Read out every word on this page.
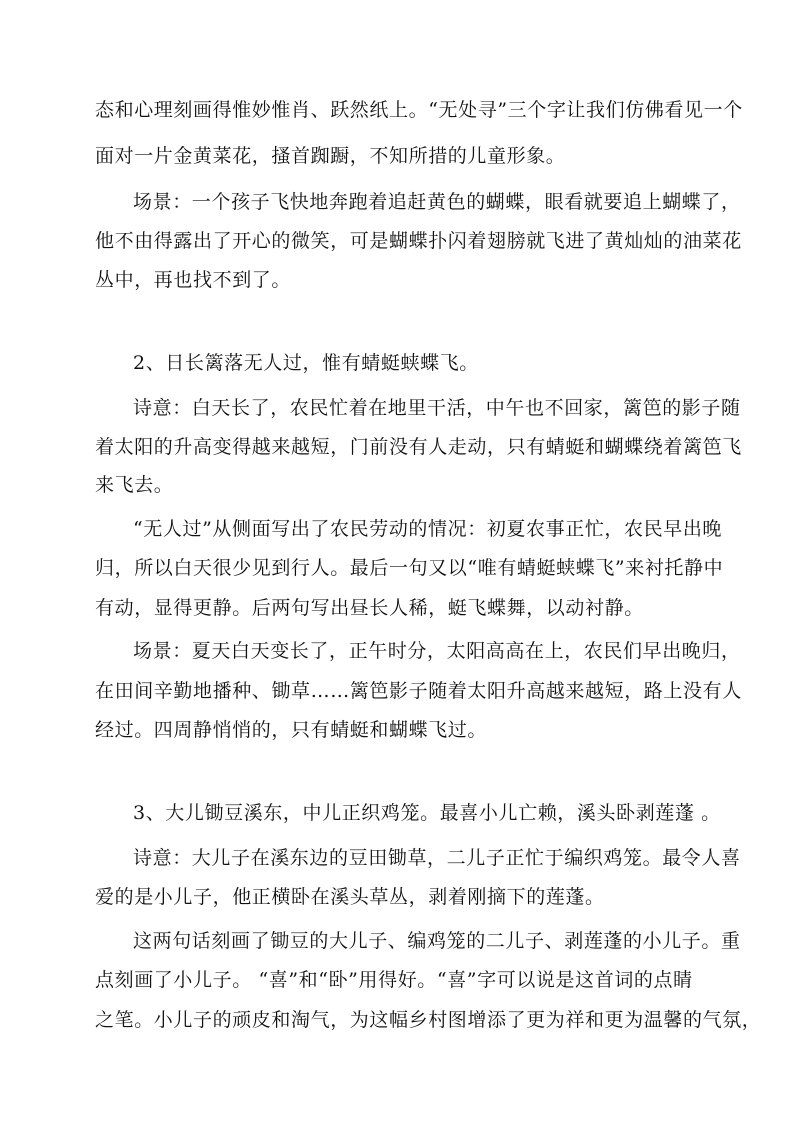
态和心理刻画得惟妙惟肖、跃然纸上。“无处寻”三个字让我们仿佛看见一个
面对一片金黄菜花，搔首踟蹰，不知所措的儿童形象。
场景：一个孩子飞快地奔跑着追赶黄色的蝴蝶，眼看就要追上蝴蝶了，
他不由得露出了开心的微笑，可是蝴蝶扑闪着翅膀就飞进了黄灿灿的油菜花
丛中，再也找不到了。
2、日长篱落无人过，惟有蜻蜓蛱蝶飞。
诗意：白天长了，农民忙着在地里干活，中午也不回家，篱笆的影子随
着太阳的升高变得越来越短，门前没有人走动，只有蜻蜓和蝴蝶绕着篱笆飞
来飞去。
“无人过”从侧面写出了农民劳动的情况：初夏农事正忙，农民早出晚
归，所以白天很少见到行人。最后一句又以“唯有蜻蜓蛱蝶飞”来衬托静中
有动，显得更静。后两句写出昼长人稀，蜓飞蝶舞，以动衬静。
场景：夏天白天变长了，正午时分，太阳高高在上，农民们早出晚归，
在田间辛勤地播种、锄草……篱笆影子随着太阳升高越来越短，路上没有人
经过。四周静悄悄的，只有蜻蜓和蝴蝶飞过。
3、大儿锄豆溪东，中儿正织鸡笼。最喜小儿亡赖，溪头卧剥莲蓬 。
诗意：大儿子在溪东边的豆田锄草，二儿子正忙于编织鸡笼。最令人喜
爱的是小儿子，他正横卧在溪头草丛，剥着刚摘下的莲蓬。
这两句话刻画了锄豆的大儿子、编鸡笼的二儿子、剥莲蓬的小儿子。重
点刻画了小儿子。 “喜”和“卧”用得好。“喜”字可以说是这首词的点睛
之笔。小儿子的顽皮和淘气，为这幅乡村图增添了更为祥和更为温馨的气氛，
